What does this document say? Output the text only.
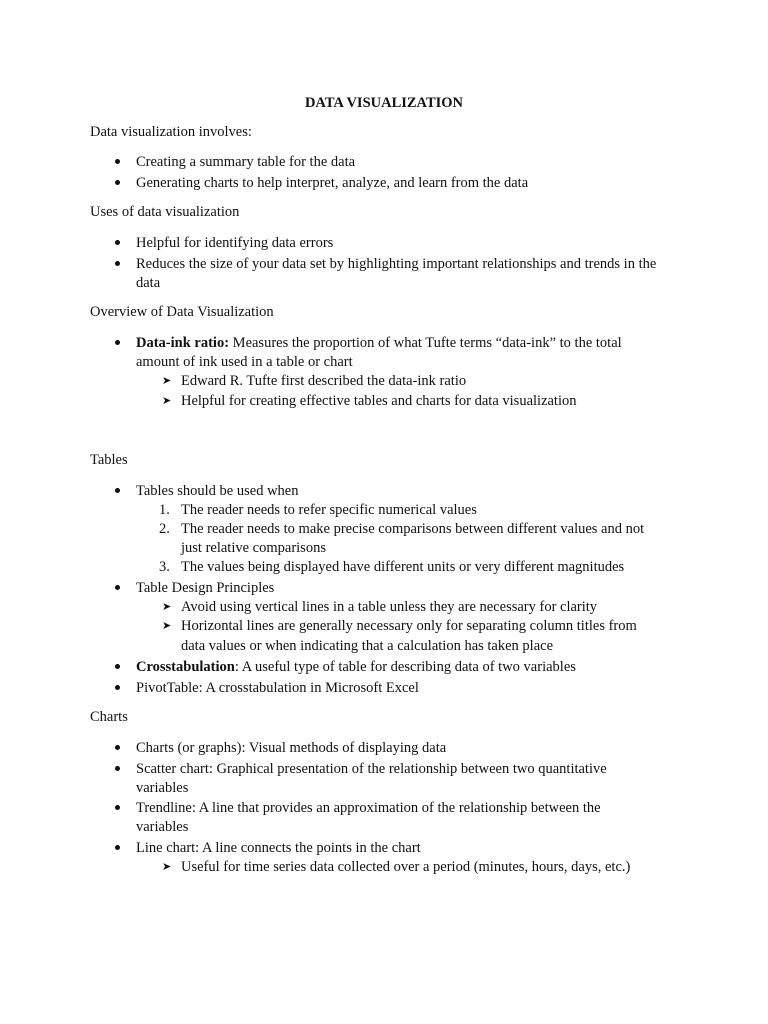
DATA VISUALIZATION
Data visualization involves:
Creating a summary table for the data
Generating charts to help interpret, analyze, and learn from the data
Uses of data visualization
Helpful for identifying data errors
Reduces the size of your data set by highlighting important relationships and trends in the
data
Overview of Data Visualization
Data-ink ratio: Measures the proportion of what Tufte terms “data-ink” to the total
amount of ink used in a table or chart
➤ Edward R. Tufte first described the data-ink ratio
➤ Helpful for creating effective tables and charts for data visualization
Tables
Tables should be used when
1. The reader needs to refer specific numerical values
2. The reader needs to make precise comparisons between different values and not
just relative comparisons
3. The values being displayed have different units or very different magnitudes
Table Design Principles
➤ Avoid using vertical lines in a table unless they are necessary for clarity
➤ Horizontal lines are generally necessary only for separating column titles from
data values or when indicating that a calculation has taken place
Crosstabulation: A useful type of table for describing data of two variables
PivotTable: A crosstabulation in Microsoft Excel
Charts
Charts (or graphs): Visual methods of displaying data
Scatter chart: Graphical presentation of the relationship between two quantitative
variables
Trendline: A line that provides an approximation of the relationship between the
variables
Line chart: A line connects the points in the chart
➤ Useful for time series data collected over a period (minutes, hours, days, etc.)
